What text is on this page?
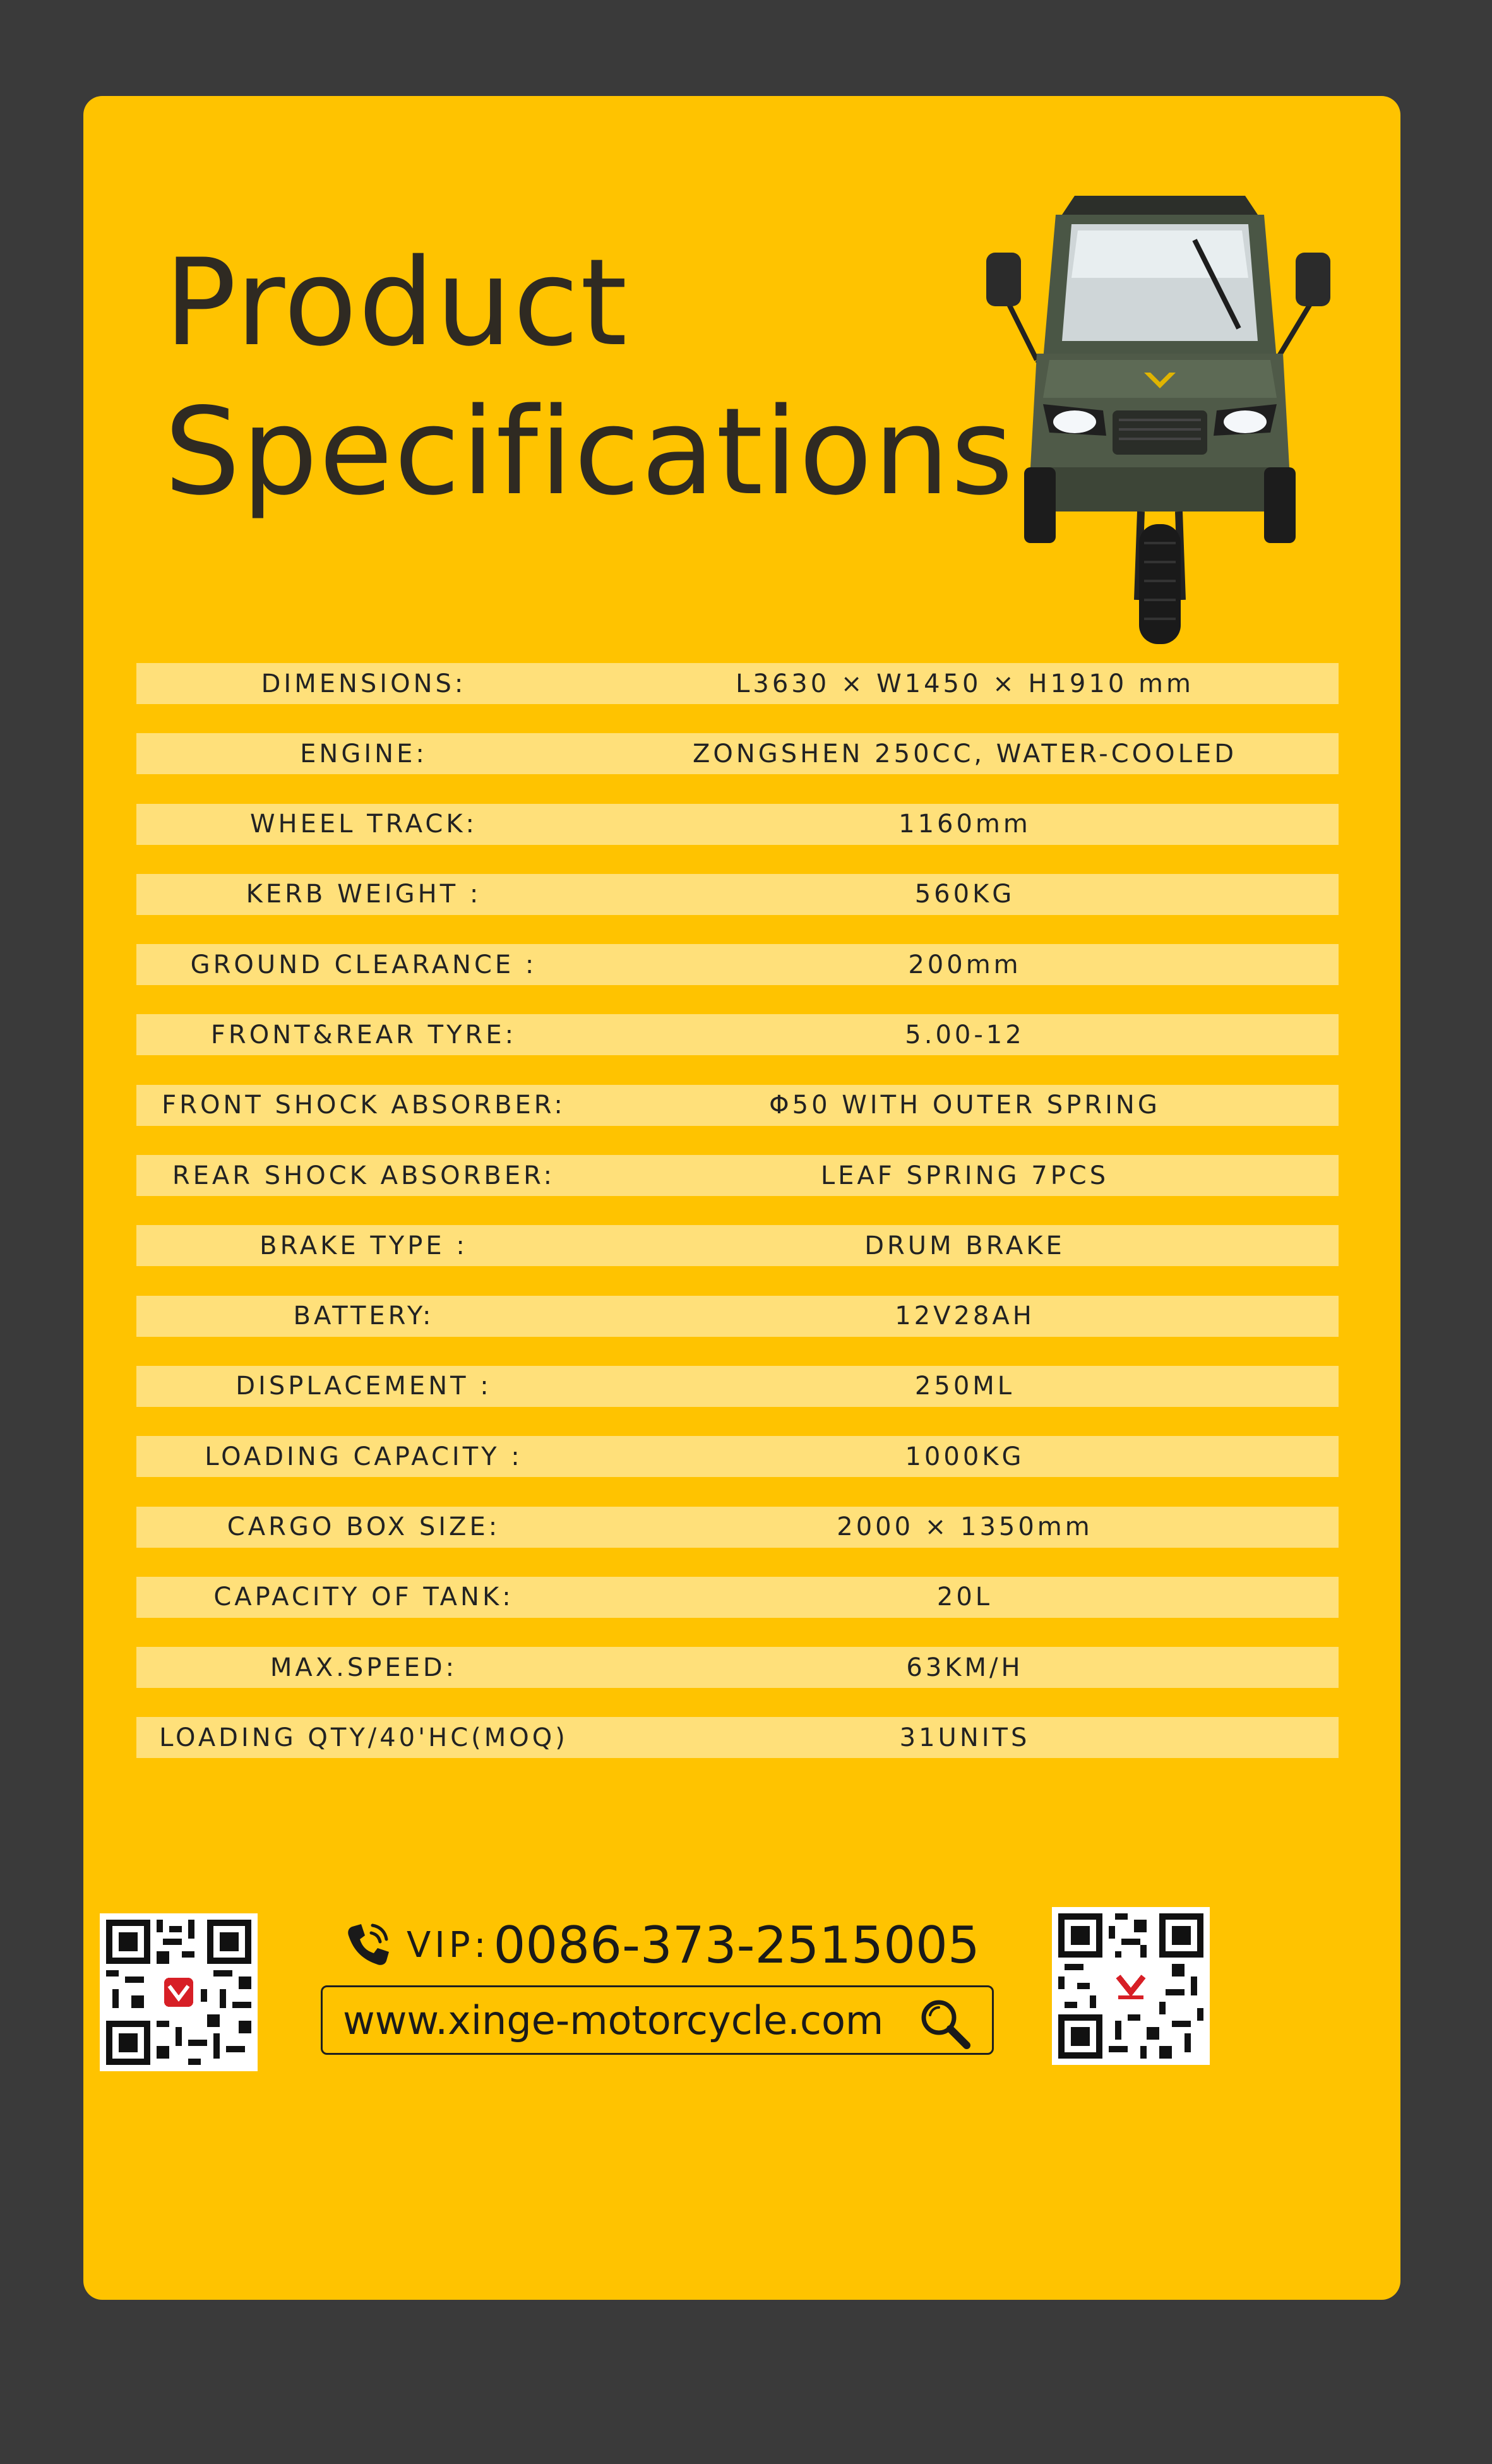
Product
Specifications
DIMENSIONS:	L3630 × W1450 × H1910 mm
ENGINE:	ZONGSHEN 250CC, WATER-COOLED
WHEEL TRACK:	1160mm
KERB WEIGHT :	560KG
GROUND CLEARANCE :	200mm
FRONT&REAR TYRE:	5.00-12
FRONT SHOCK ABSORBER:	Φ50 WITH OUTER SPRING
REAR SHOCK ABSORBER:	LEAF SPRING 7PCS
BRAKE TYPE :	DRUM BRAKE
BATTERY:	12V28AH
DISPLACEMENT :	250ML
LOADING CAPACITY :	1000KG
CARGO BOX SIZE:	2000 × 1350mm
CAPACITY OF TANK:	20L
MAX.SPEED:	63KM/H
LOADING QTY/40'HC(MOQ)	31UNITS
VIP: 0086-373-2515005
www.xinge-motorcycle.com
